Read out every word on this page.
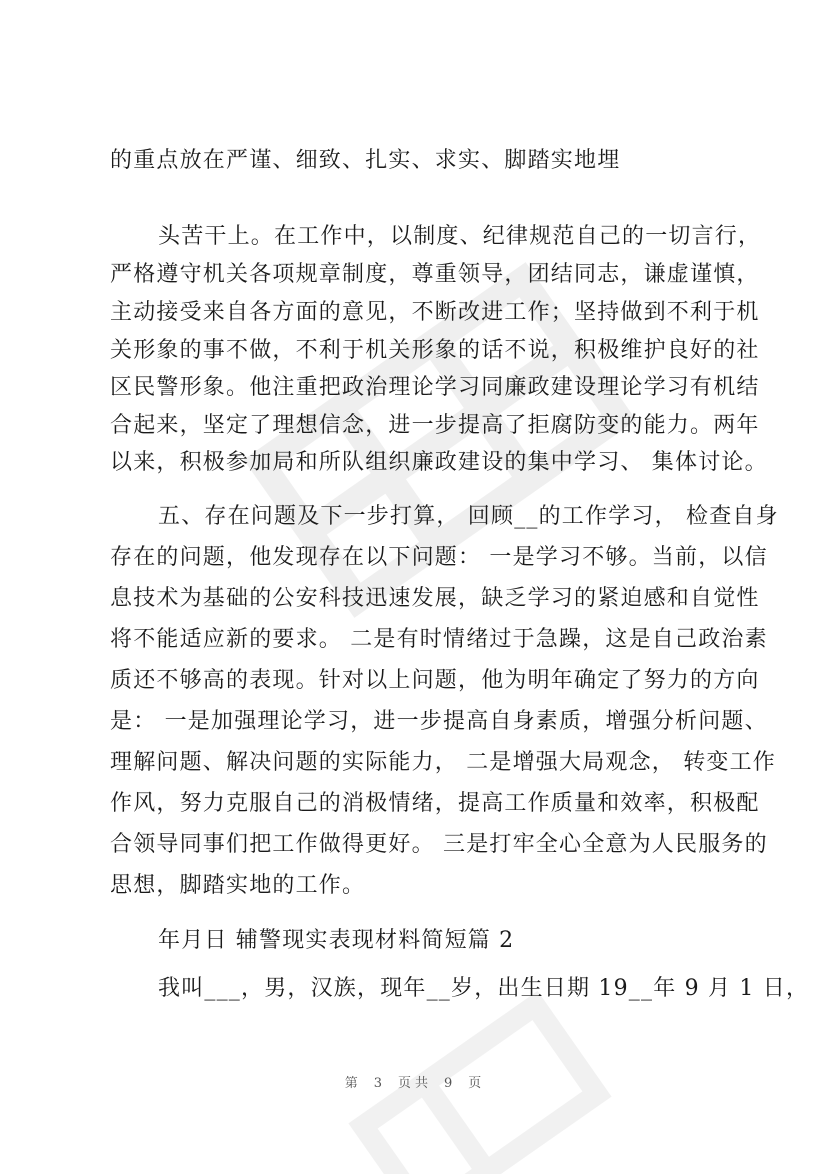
的重点放在严谨、细致、扎实、求实、脚踏实地埋
头苦干上。在工作中，以制度、纪律规范自己的一切言行，
严格遵守机关各项规章制度，尊重领导，团结同志，谦虚谨慎，
主动接受来自各方面的意见，不断改进工作；坚持做到不利于机
关形象的事不做，不利于机关形象的话不说，积极维护良好的社
区民警形象。他注重把政治理论学习同廉政建设理论学习有机结
合起来，坚定了理想信念，进一步提高了拒腐防变的能力。两年
以来，积极参加局和所队组织廉政建设的集中学习、 集体讨论。
五、存在问题及下一步打算， 回顾__的工作学习， 检查自身
存在的问题，他发现存在以下问题： 一是学习不够。当前，以信
息技术为基础的公安科技迅速发展，缺乏学习的紧迫感和自觉性
将不能适应新的要求。 二是有时情绪过于急躁，这是自己政治素
质还不够高的表现。针对以上问题，他为明年确定了努力的方向
是： 一是加强理论学习，进一步提高自身素质，增强分析问题、
理解问题、解决问题的实际能力， 二是增强大局观念， 转变工作
作风，努力克服自己的消极情绪，提高工作质量和效率，积极配
合领导同事们把工作做得更好。 三是打牢全心全意为人民服务的
思想，脚踏实地的工作。
年月日 辅警现实表现材料简短篇 2
我叫___，男，汉族，现年__岁，出生日期 19__年 9 月 1 日，
第 3 页共 9 页
